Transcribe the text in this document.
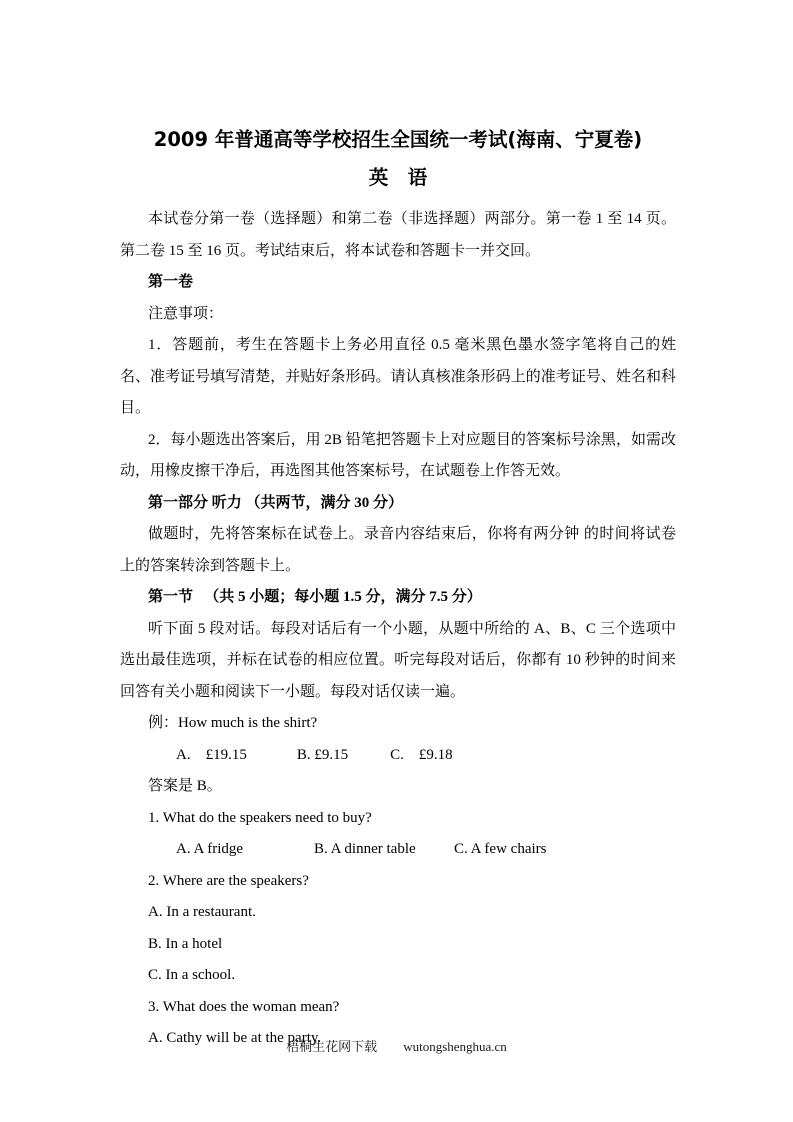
2009 年普通高等学校招生全国统一考试(海南、宁夏卷)
英　语

本试卷分第一卷（选择题）和第二卷（非选择题）两部分。第一卷 1 至 14 页。第二卷 15 至 16 页。考试结束后，将本试卷和答题卡一并交回。

第一卷

注意事项：

1．答题前，考生在答题卡上务必用直径 0.5 毫米黑色墨水签字笔将自己的姓名、准考证号填写清楚，并贴好条形码。请认真核准条形码上的准考证号、姓名和科目。

2．每小题选出答案后，用 2B 铅笔把答题卡上对应题目的答案标号涂黑，如需改动，用橡皮擦干净后，再选图其他答案标号，在试题卷上作答无效。

第一部分 听力 （共两节，满分 30 分）

做题时，先将答案标在试卷上。录音内容结束后，你将有两分钟 的时间将试卷上的答案转涂到答题卡上。

第一节 　（共 5 小题；每小题 1.5 分，满分 7.5 分）

听下面 5 段对话。每段对话后有一个小题，从题中所给的 A、B、C 三个选项中选出最佳选项，并标在试卷的相应位置。听完每段对话后，你都有 10 秒钟的时间来回答有关小题和阅读下一小题。每段对话仅读一遍。

例：How much is the shirt?

A.　£19.15	B. £9.15	C.　£9.18

答案是 B。

1. What do the speakers need to buy?

A. A fridge	B. A dinner table	C. A few chairs

2. Where are the speakers?

A. In a restaurant.

B. In a hotel

C. In a school.

3. What does the woman mean?

A. Cathy will be at the party.

梧桐生花网下载 wutongshenghua.cn
